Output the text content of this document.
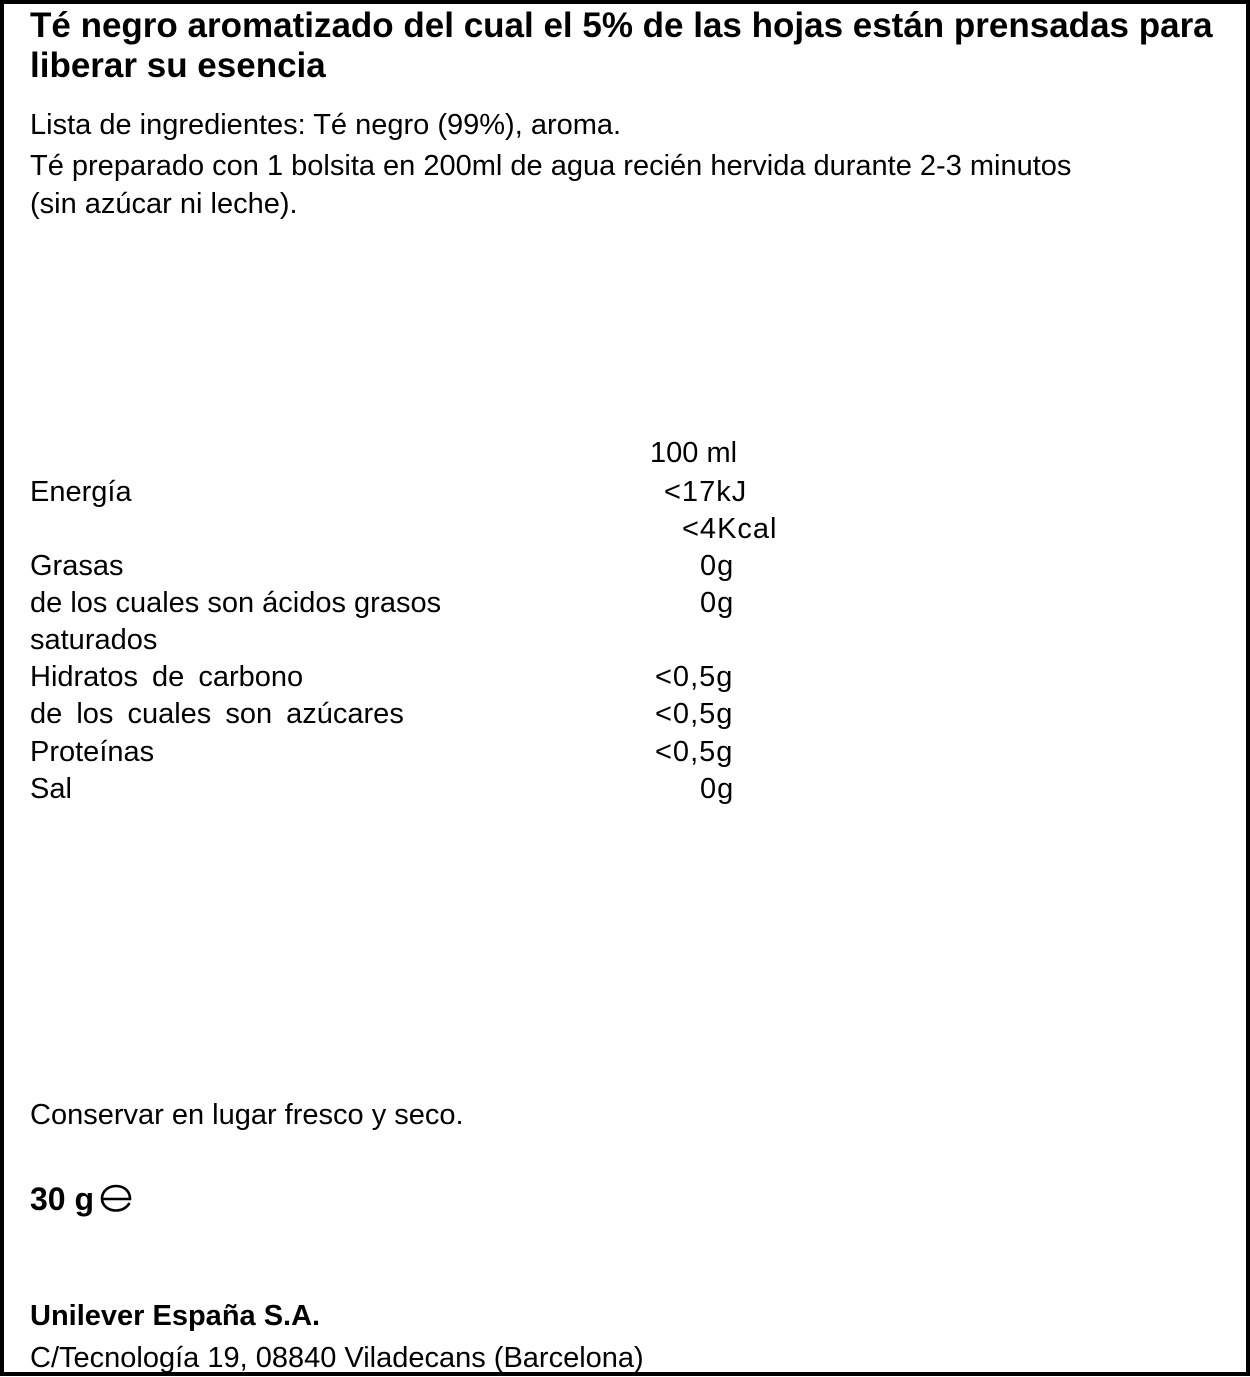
Té negro aromatizado del cual el 5% de las hojas están prensadas para liberar su esencia
Lista de ingredientes: Té negro (99%), aroma.
Té preparado con 1 bolsita en 200ml de agua recién hervida durante 2-3 minutos
(sin azúcar ni leche).
100 ml
Energía	<17kJ
<4Kcal
Grasas	0g
de los cuales son ácidos grasos	0g
saturados
Hidratos de carbono	<0,5g
de los cuales son azúcares	<0,5g
Proteínas	<0,5g
Sal	0g
Conservar en lugar fresco y seco.
30 g
Unilever España S.A.
C/Tecnología 19, 08840 Viladecans (Barcelona)
